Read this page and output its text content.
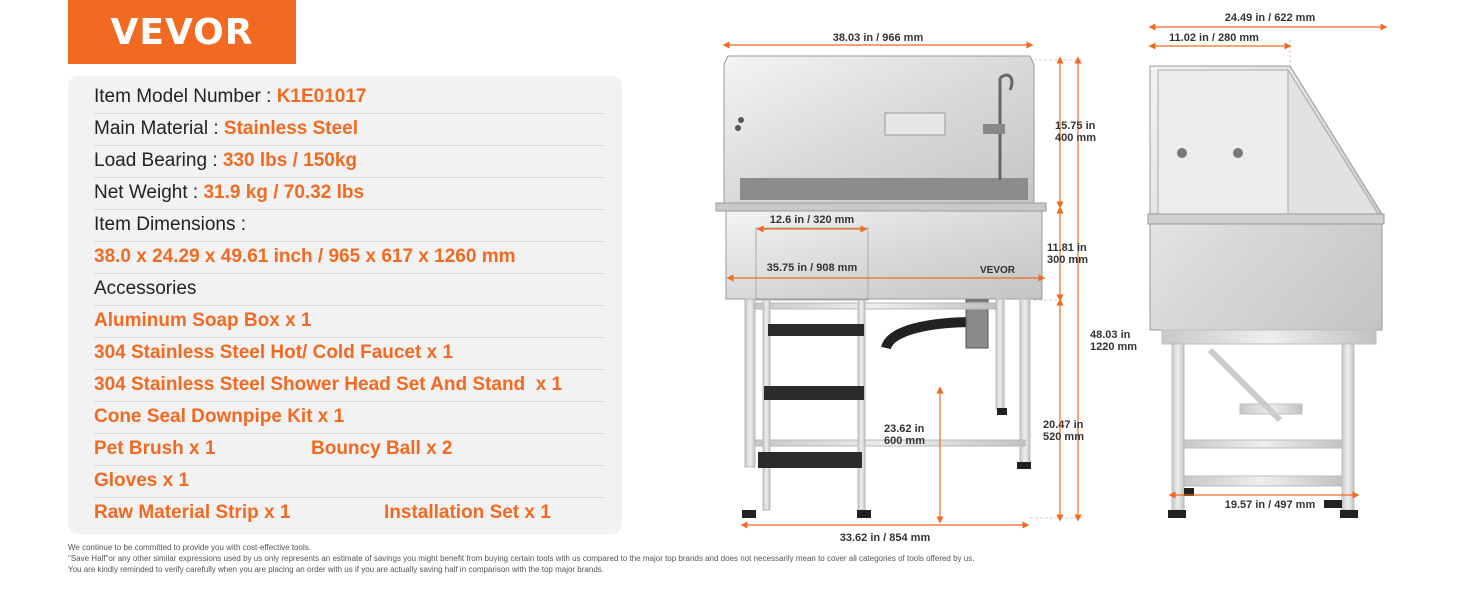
VEVOR
Item Model Number : K1E01017
Main Material : Stainless Steel
Load Bearing : 330 lbs / 150kg
Net Weight : 31.9 kg / 70.32 lbs
Item Dimensions :
38.0 x 24.29 x 49.61 inch / 965 x 617 x 1260 mm
Accessories
Aluminum Soap Box x 1
304 Stainless Steel Hot/ Cold Faucet x 1
304 Stainless Steel Shower Head Set And Stand  x 1
Cone Seal Downpipe Kit x 1
Pet Brush x 1	Bouncy Ball x 2
Gloves x 1
Raw Material Strip x 1	Installation Set x 1
We continue to be committed to provide you with cost-effective tools.
"Save Half"or any other similar expressions used by us only represents an estimate of savings you might benefit from buying certain tools with us compared to the major top brands and does not necessarily mean to cover all categories of tools offered by us.
You are kindly reminded to verify carefully when you are placing an order with us if you are actually saving half in comparison with the top major brands.
VEVOR
38.03 in / 966 mm
12.6 in / 320 mm
35.75 in / 908 mm
33.62 in / 854 mm
15.75 in
400 mm
11.81 in
300 mm
48.03 in
1220 mm
20.47 in
520 mm
23.62 in
600 mm
24.49 in / 622 mm
11.02 in / 280 mm
19.57 in / 497 mm
